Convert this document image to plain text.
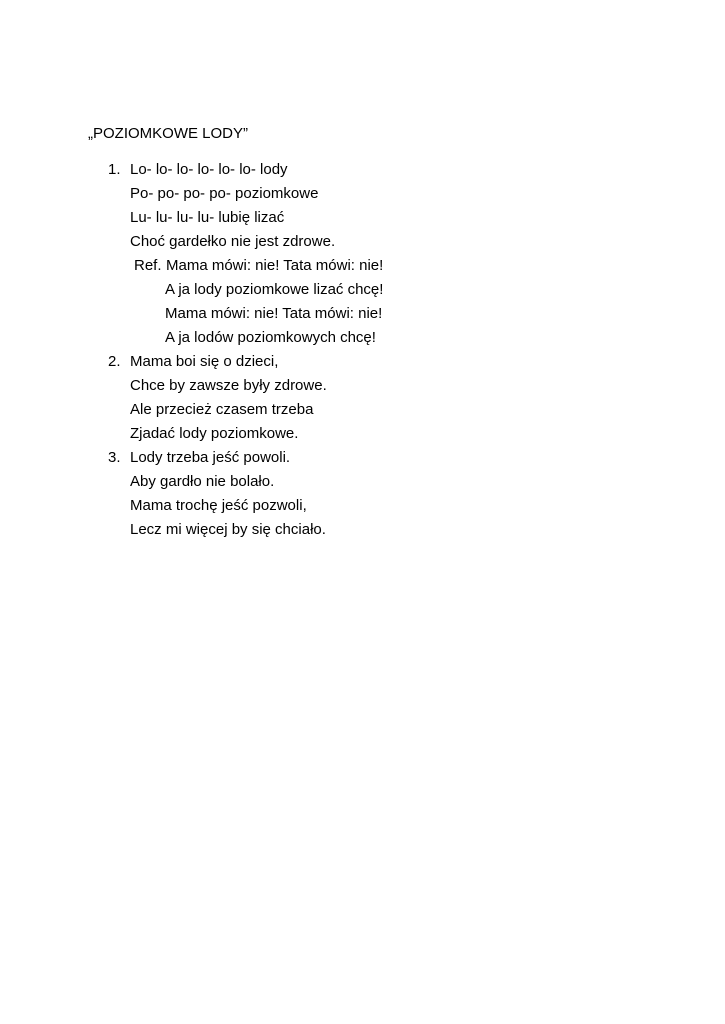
„POZIOMKOWE LODY”
1. Lo- lo- lo- lo- lo- lo- lody
Po- po- po- po- poziomkowe
Lu- lu- lu- lu- lubię lizać
Choć gardełko nie jest zdrowe.
Ref. Mama mówi: nie! Tata mówi: nie!
A ja lody poziomkowe lizać chcę!
Mama mówi: nie! Tata mówi: nie!
A ja lodów poziomkowych chcę!
2. Mama boi się o dzieci,
Chce by zawsze były zdrowe.
Ale przecież czasem trzeba
Zjadać lody poziomkowe.
3. Lody trzeba jeść powoli.
Aby gardło nie bolało.
Mama trochę jeść pozwoli,
Lecz mi więcej by się chciało.
